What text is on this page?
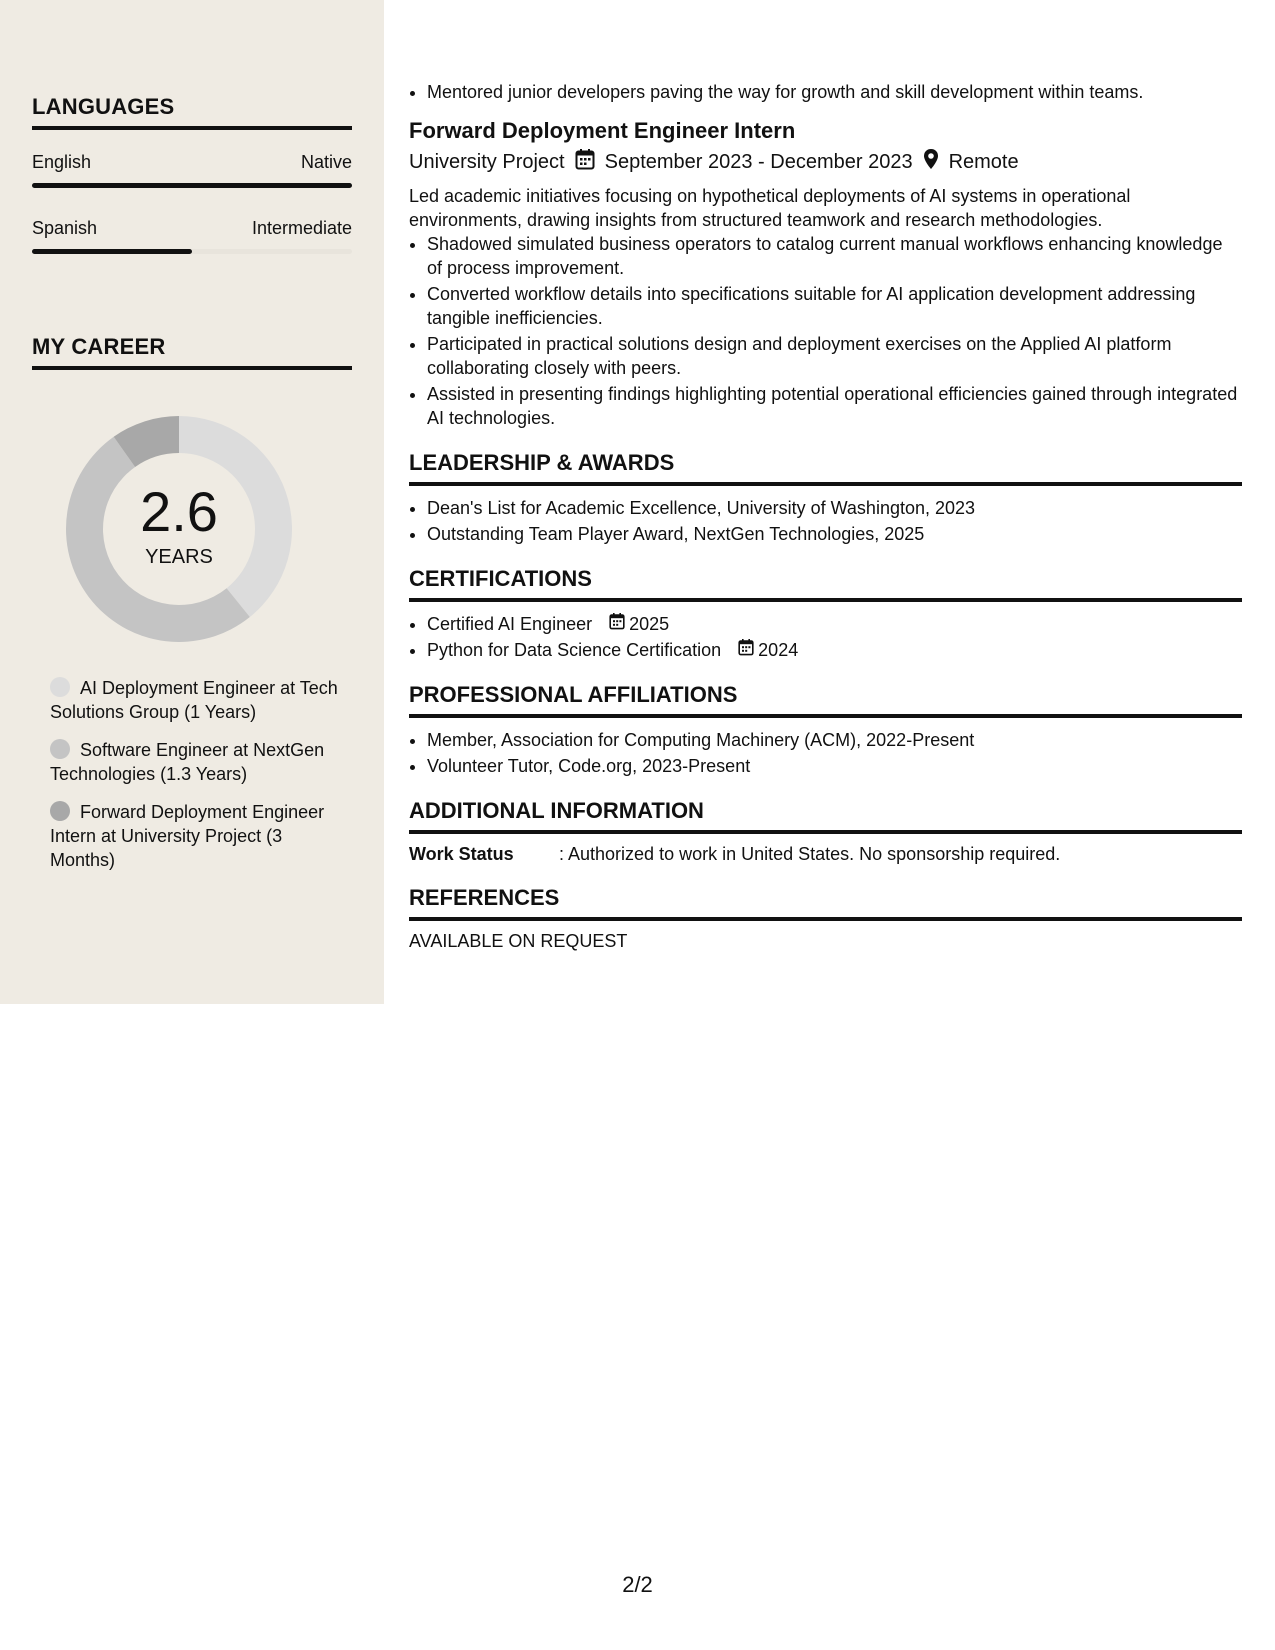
LANGUAGES
English	Native
Spanish	Intermediate
MY CAREER
2.6
YEARS
AI Deployment Engineer at Tech Solutions Group (1 Years)
Software Engineer at NextGen Technologies (1.3 Years)
Forward Deployment Engineer Intern at University Project (3 Months)
• Mentored junior developers paving the way for growth and skill development within teams.
Forward Deployment Engineer Intern
University Project September 2023 - December 2023 Remote
Led academic initiatives focusing on hypothetical deployments of AI systems in operational environments, drawing insights from structured teamwork and research methodologies.
• Shadowed simulated business operators to catalog current manual workflows enhancing knowledge of process improvement.
• Converted workflow details into specifications suitable for AI application development addressing tangible inefficiencies.
• Participated in practical solutions design and deployment exercises on the Applied AI platform collaborating closely with peers.
• Assisted in presenting findings highlighting potential operational efficiencies gained through integrated AI technologies.
LEADERSHIP & AWARDS
• Dean's List for Academic Excellence, University of Washington, 2023
• Outstanding Team Player Award, NextGen Technologies, 2025
CERTIFICATIONS
• Certified AI Engineer 2025
• Python for Data Science Certification 2024
PROFESSIONAL AFFILIATIONS
• Member, Association for Computing Machinery (ACM), 2022-Present
• Volunteer Tutor, Code.org, 2023-Present
ADDITIONAL INFORMATION
Work Status	: Authorized to work in United States. No sponsorship required.
REFERENCES
AVAILABLE ON REQUEST
2/2
